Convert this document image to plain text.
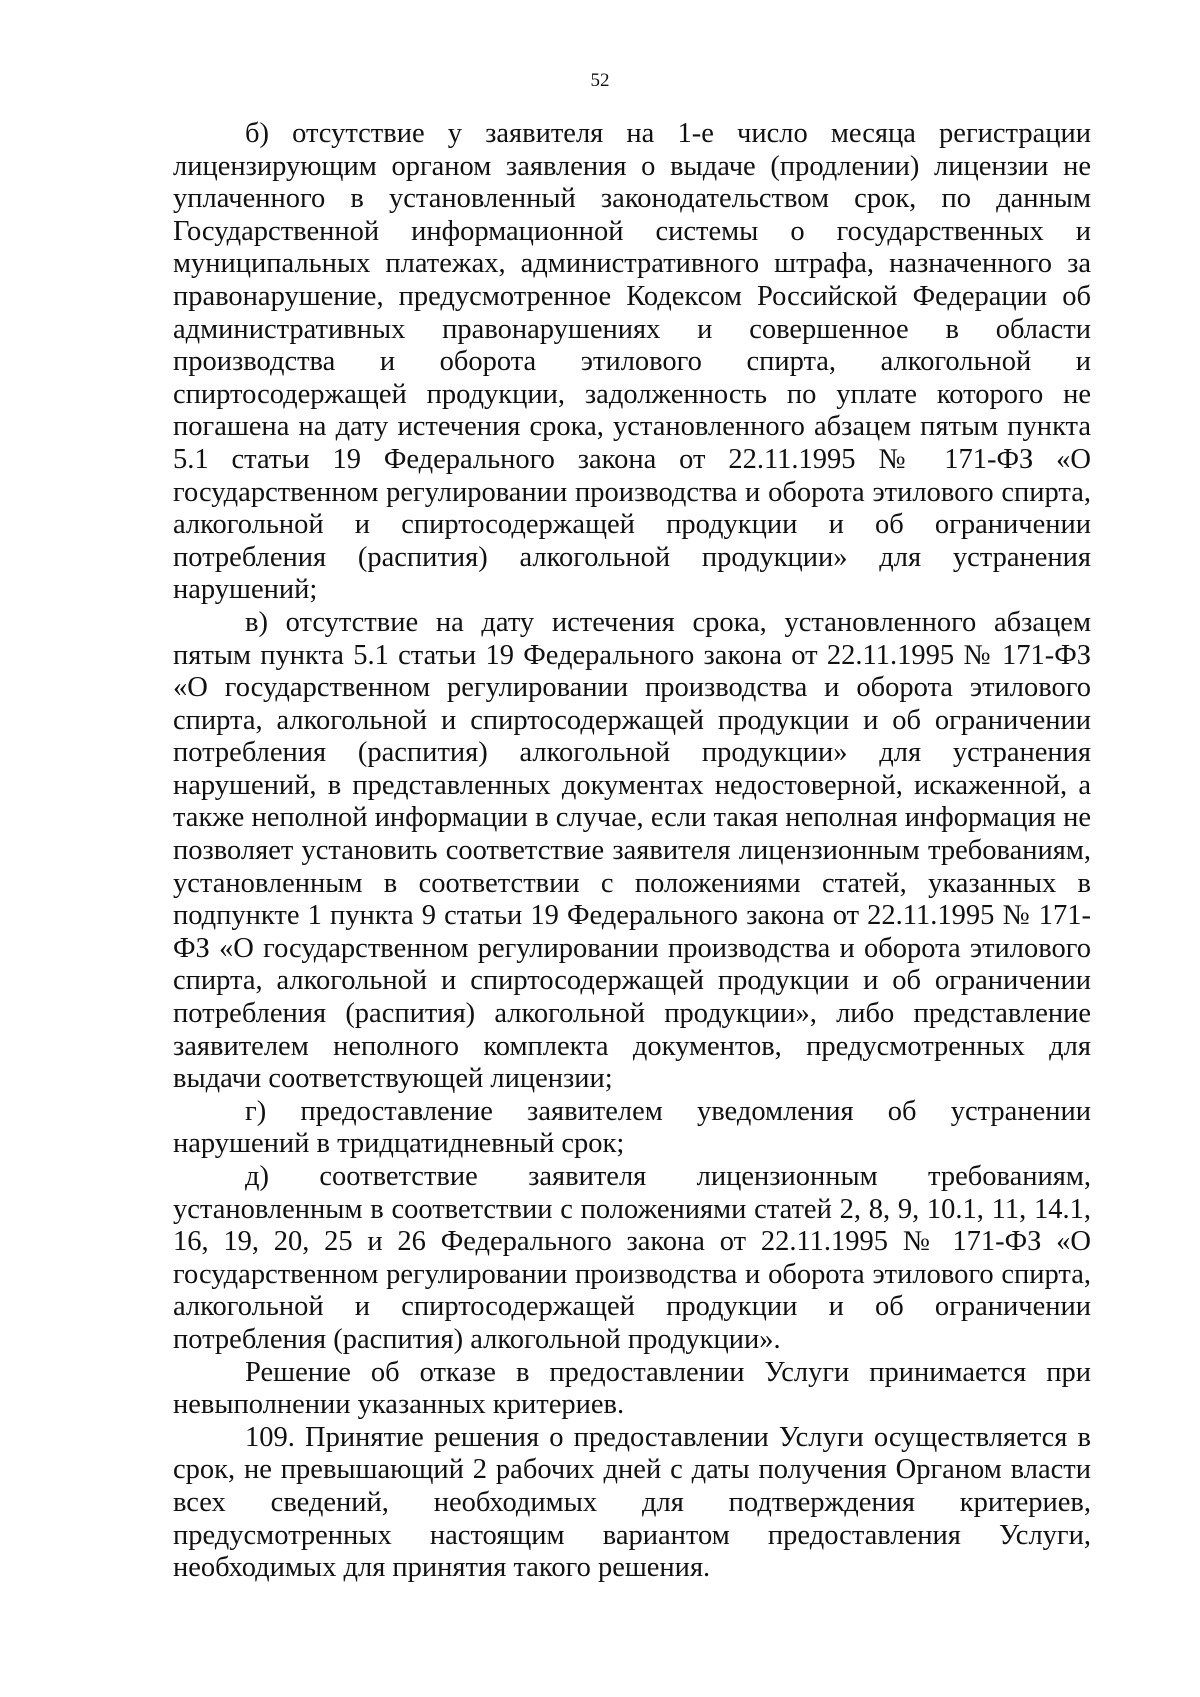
52

б) отсутствие у заявителя на 1-е число месяца регистрации лицензирующим органом заявления о выдаче (продлении) лицензии не уплаченного в установленный законодательством срок, по данным Государственной информационной системы о государственных и муниципальных платежах, административного штрафа, назначенного за правонарушение, предусмотренное Кодексом Российской Федерации об административных правонарушениях и совершенное в области производства и оборота этилового спирта, алкогольной и спиртосодержащей продукции, задолженность по уплате которого не погашена на дату истечения срока, установленного абзацем пятым пункта 5.1 статьи 19 Федерального закона от 22.11.1995 № 171-ФЗ «О государственном регулировании производства и оборота этилового спирта, алкогольной и спиртосодержащей продукции и об ограничении потребления (распития) алкогольной продукции» для устранения нарушений;

в) отсутствие на дату истечения срока, установленного абзацем пятым пункта 5.1 статьи 19 Федерального закона от 22.11.1995 № 171-ФЗ «О государственном регулировании производства и оборота этилового спирта, алкогольной и спиртосодержащей продукции и об ограничении потребления (распития) алкогольной продукции» для устранения нарушений, в представленных документах недостоверной, искаженной, а также неполной информации в случае, если такая неполная информация не позволяет установить соответствие заявителя лицензионным требованиям, установленным в соответствии с положениями статей, указанных в подпункте 1 пункта 9 статьи 19 Федерального закона от 22.11.1995 № 171-ФЗ «О государственном регулировании производства и оборота этилового спирта, алкогольной и спиртосодержащей продукции и об ограничении потребления (распития) алкогольной продукции», либо представление заявителем неполного комплекта документов, предусмотренных для выдачи соответствующей лицензии;

г) предоставление заявителем уведомления об устранении нарушений в тридцатидневный срок;

д) соответствие заявителя лицензионным требованиям, установленным в соответствии с положениями статей 2, 8, 9, 10.1, 11, 14.1, 16, 19, 20, 25 и 26 Федерального закона от 22.11.1995 № 171-ФЗ «О государственном регулировании производства и оборота этилового спирта, алкогольной и спиртосодержащей продукции и об ограничении потребления (распития) алкогольной продукции».

Решение об отказе в предоставлении Услуги принимается при невыполнении указанных критериев.

109. Принятие решения о предоставлении Услуги осуществляется в срок, не превышающий 2 рабочих дней с даты получения Органом власти всех сведений, необходимых для подтверждения критериев, предусмотренных настоящим вариантом предоставления Услуги, необходимых для принятия такого решения.
